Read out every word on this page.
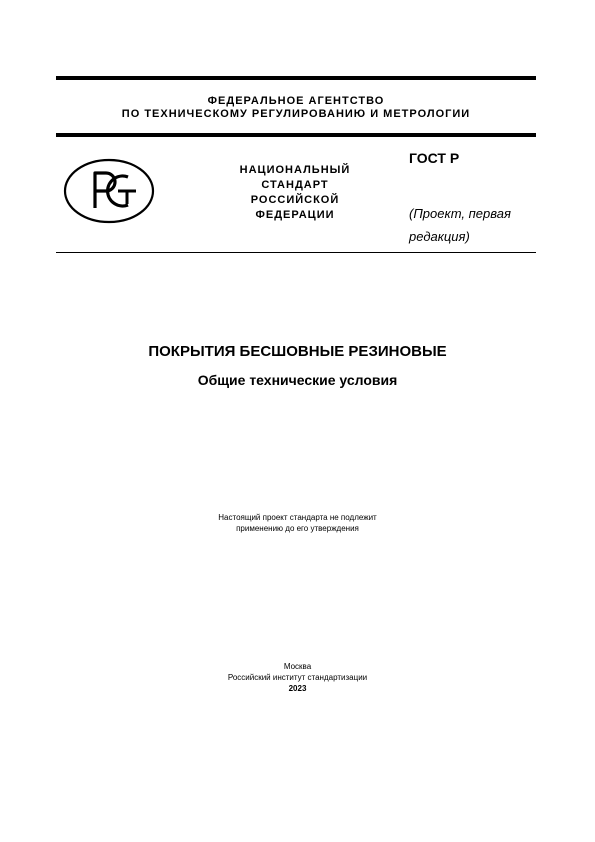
ФЕДЕРАЛЬНОЕ АГЕНТСТВО
ПО ТЕХНИЧЕСКОМУ РЕГУЛИРОВАНИЮ И МЕТРОЛОГИИ
НАЦИОНАЛЬНЫЙ
СТАНДАРТ
РОССИЙСКОЙ
ФЕДЕРАЦИИ
ГОСТ Р
(Проект, первая
редакция)
ПОКРЫТИЯ БЕСШОВНЫЕ РЕЗИНОВЫЕ
Общие технические условия
Настоящий проект стандарта не подлежит
применению до его утверждения
Москва
Российский институт стандартизации
2023
